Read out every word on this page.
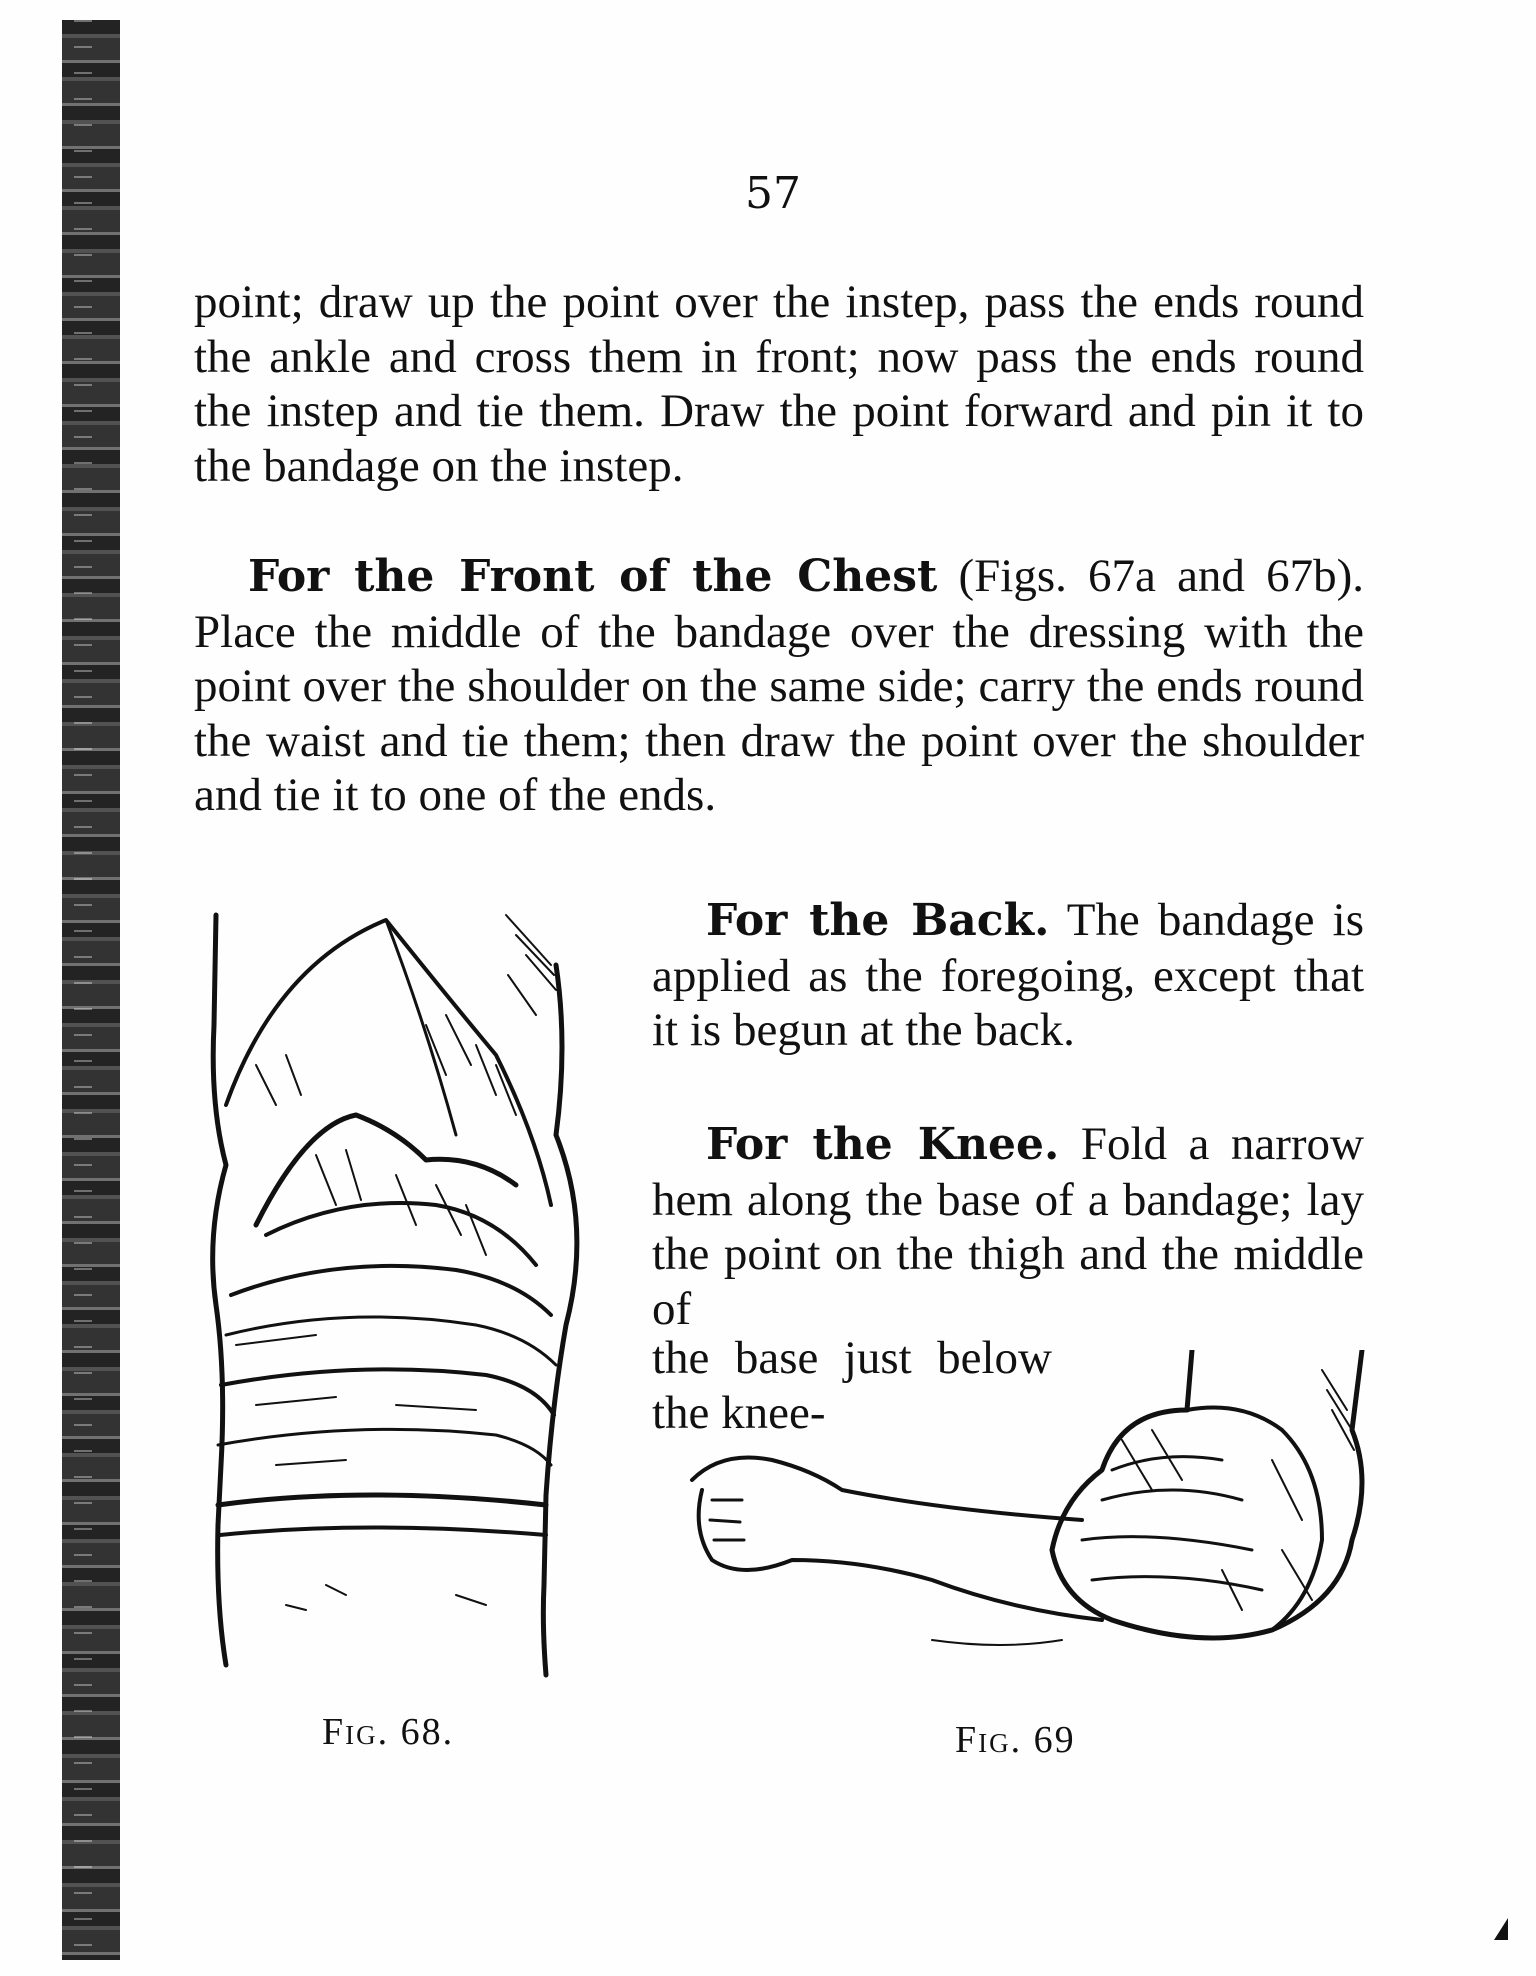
57

point; draw up the point over the instep, pass the ends round the ankle and cross them in front; now pass the ends round the instep and tie them. Draw the point forward and pin it to the bandage on the instep.

For the Front of the Chest (Figs. 67a and 67b). Place the middle of the bandage over the dressing with the point over the shoulder on the same side; carry the ends round the waist and tie them; then draw the point over the shoulder and tie it to one of the ends.

For the Back. The bandage is applied as the foregoing, except that it is begun at the back.

For the Knee. Fold a narrow hem along the base of a bandage; lay the point on the thigh and the middle of

the base just below the knee-

Fig. 68.	Fig. 69
